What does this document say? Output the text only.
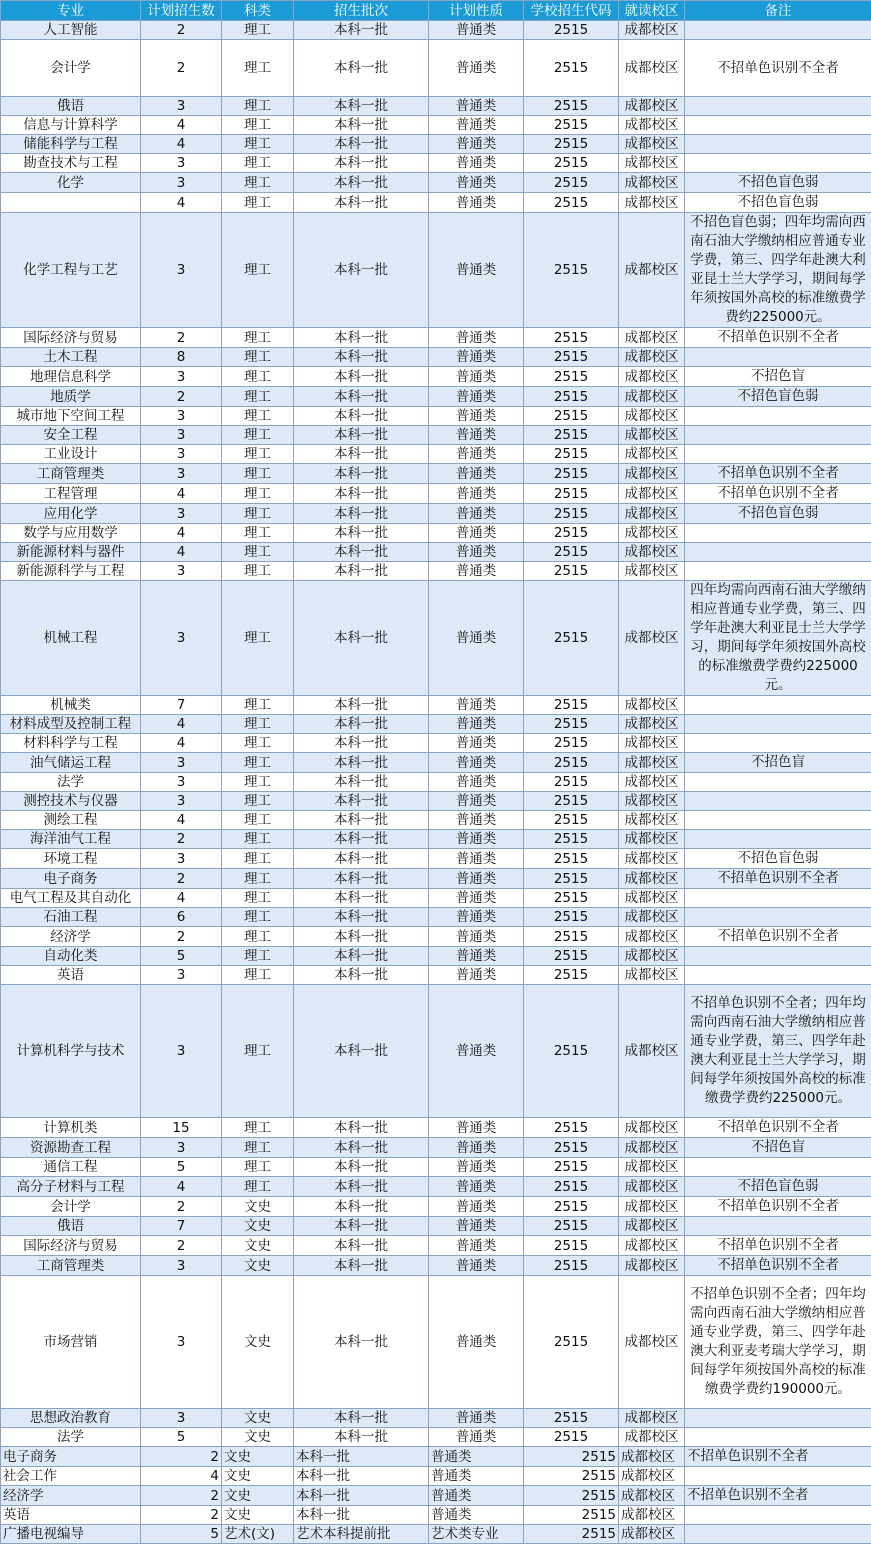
专业	计划招生数	科类	招生批次	计划性质	学校招生代码	就读校区	备注
人工智能	2	理工	本科一批	普通类	2515	成都校区	
会计学	2	理工	本科一批	普通类	2515	成都校区	不招单色识别不全者
俄语	3	理工	本科一批	普通类	2515	成都校区	
信息与计算科学	4	理工	本科一批	普通类	2515	成都校区	
储能科学与工程	4	理工	本科一批	普通类	2515	成都校区	
勘查技术与工程	3	理工	本科一批	普通类	2515	成都校区	
化学	3	理工	本科一批	普通类	2515	成都校区	不招色盲色弱
	4	理工	本科一批	普通类	2515	成都校区	不招色盲色弱
化学工程与工艺	3	理工	本科一批	普通类	2515	成都校区	不招色盲色弱；四年均需向西南石油大学缴纳相应普通专业学费，第三、四学年赴澳大利亚昆士兰大学学习，期间每学年须按国外高校的标准缴费学费约225000元。
国际经济与贸易	2	理工	本科一批	普通类	2515	成都校区	不招单色识别不全者
土木工程	8	理工	本科一批	普通类	2515	成都校区	
地理信息科学	3	理工	本科一批	普通类	2515	成都校区	不招色盲
地质学	2	理工	本科一批	普通类	2515	成都校区	不招色盲色弱
城市地下空间工程	3	理工	本科一批	普通类	2515	成都校区	
安全工程	3	理工	本科一批	普通类	2515	成都校区	
工业设计	3	理工	本科一批	普通类	2515	成都校区	
工商管理类	3	理工	本科一批	普通类	2515	成都校区	不招单色识别不全者
工程管理	4	理工	本科一批	普通类	2515	成都校区	不招单色识别不全者
应用化学	3	理工	本科一批	普通类	2515	成都校区	不招色盲色弱
数学与应用数学	4	理工	本科一批	普通类	2515	成都校区	
新能源材料与器件	4	理工	本科一批	普通类	2515	成都校区	
新能源科学与工程	3	理工	本科一批	普通类	2515	成都校区	
机械工程	3	理工	本科一批	普通类	2515	成都校区	四年均需向西南石油大学缴纳相应普通专业学费，第三、四学年赴澳大利亚昆士兰大学学习，期间每学年须按国外高校的标准缴费学费约225000元。
机械类	7	理工	本科一批	普通类	2515	成都校区	
材料成型及控制工程	4	理工	本科一批	普通类	2515	成都校区	
材料科学与工程	4	理工	本科一批	普通类	2515	成都校区	
油气储运工程	3	理工	本科一批	普通类	2515	成都校区	不招色盲
法学	3	理工	本科一批	普通类	2515	成都校区	
测控技术与仪器	3	理工	本科一批	普通类	2515	成都校区	
测绘工程	4	理工	本科一批	普通类	2515	成都校区	
海洋油气工程	2	理工	本科一批	普通类	2515	成都校区	
环境工程	3	理工	本科一批	普通类	2515	成都校区	不招色盲色弱
电子商务	2	理工	本科一批	普通类	2515	成都校区	不招单色识别不全者
电气工程及其自动化	4	理工	本科一批	普通类	2515	成都校区	
石油工程	6	理工	本科一批	普通类	2515	成都校区	
经济学	2	理工	本科一批	普通类	2515	成都校区	不招单色识别不全者
自动化类	5	理工	本科一批	普通类	2515	成都校区	
英语	3	理工	本科一批	普通类	2515	成都校区	
计算机科学与技术	3	理工	本科一批	普通类	2515	成都校区	不招单色识别不全者；四年均需向西南石油大学缴纳相应普通专业学费，第三、四学年赴澳大利亚昆士兰大学学习，期间每学年须按国外高校的标准缴费学费约225000元。
计算机类	15	理工	本科一批	普通类	2515	成都校区	不招单色识别不全者
资源勘查工程	3	理工	本科一批	普通类	2515	成都校区	不招色盲
通信工程	5	理工	本科一批	普通类	2515	成都校区	
高分子材料与工程	4	理工	本科一批	普通类	2515	成都校区	不招色盲色弱
会计学	2	文史	本科一批	普通类	2515	成都校区	不招单色识别不全者
俄语	7	文史	本科一批	普通类	2515	成都校区	
国际经济与贸易	2	文史	本科一批	普通类	2515	成都校区	不招单色识别不全者
工商管理类	3	文史	本科一批	普通类	2515	成都校区	不招单色识别不全者
市场营销	3	文史	本科一批	普通类	2515	成都校区	不招单色识别不全者；四年均需向西南石油大学缴纳相应普通专业学费，第三、四学年赴澳大利亚麦考瑞大学学习，期间每学年须按国外高校的标准缴费学费约190000元。
思想政治教育	3	文史	本科一批	普通类	2515	成都校区	
法学	5	文史	本科一批	普通类	2515	成都校区	
电子商务	2	文史	本科一批	普通类	2515	成都校区	不招单色识别不全者
社会工作	4	文史	本科一批	普通类	2515	成都校区	
经济学	2	文史	本科一批	普通类	2515	成都校区	不招单色识别不全者
英语	2	文史	本科一批	普通类	2515	成都校区	
广播电视编导	5	艺术(文)	艺术本科提前批	艺术类专业	2515	成都校区	
